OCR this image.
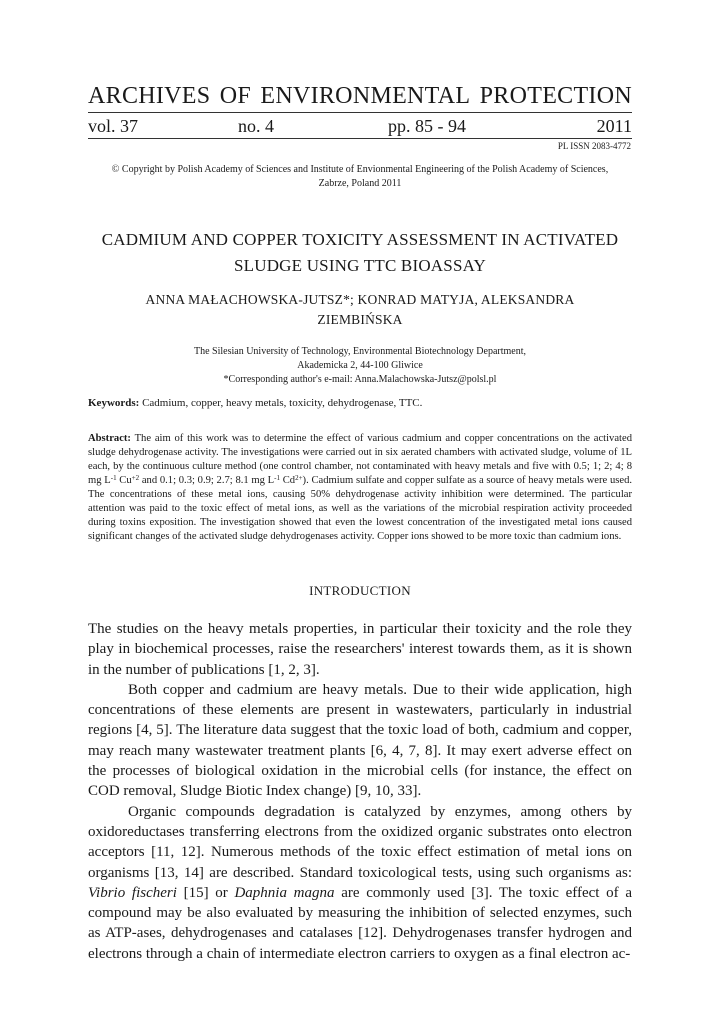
ARCHIVES OF ENVIRONMENTAL PROTECTION
vol. 37	no. 4	pp. 85 - 94	2011
PL ISSN 2083-4772
© Copyright by Polish Academy of Sciences and Institute of Envionmental Engineering of the Polish Academy of Sciences,
Zabrze, Poland 2011
CADMIUM AND COPPER TOXICITY ASSESSMENT IN ACTIVATED
SLUDGE USING TTC BIOASSAY
ANNA MAŁACHOWSKA-JUTSZ*; KONRAD MATYJA, ALEKSANDRA
ZIEMBIŃSKA
The Silesian University of Technology, Environmental Biotechnology Department,
Akademicka 2, 44-100 Gliwice
*Corresponding author's e-mail: Anna.Malachowska-Jutsz@polsl.pl
Keywords: Cadmium, copper, heavy metals, toxicity, dehydrogenase, TTC.
Abstract: The aim of this work was to determine the effect of various cadmium and copper concentrations on the activated sludge dehydrogenase activity. The investigations were carried out in six aerated chambers with activated sludge, volume of 1L each, by the continuous culture method (one control chamber, not contaminated with heavy metals and five with 0.5; 1; 2; 4; 8 mg $L^{-1}$ $Cu^{+2}$ and 0.1; 0.3; 0.9; 2.7; 8.1 mg $L^{-1}$ $Cd^{2+}$). Cadmium sulfate and copper sulfate as a source of heavy metals were used. The concentrations of these metal ions, causing 50% dehydrogenase activity inhibition were determined. The particular attention was paid to the toxic effect of metal ions, as well as the variations of the microbial respiration activity proceeded during toxins exposition. The investigation showed that even the lowest concentration of the investigated metal ions caused significant changes of the activated sludge dehydrogenases activity. Copper ions showed to be more toxic than cadmium ions.
INTRODUCTION

The studies on the heavy metals properties, in particular their toxicity and the role they play in biochemical processes, raise the researchers' interest towards them, as it is shown in the number of publications [1, 2, 3].

Both copper and cadmium are heavy metals. Due to their wide application, high concentrations of these elements are present in wastewaters, particularly in industrial regions [4, 5]. The literature data suggest that the toxic load of both, cadmium and copper, may reach many wastewater treatment plants [6, 4, 7, 8]. It may exert adverse effect on the processes of biological oxidation in the microbial cells (for instance, the effect on COD removal, Sludge Biotic Index change) [9, 10, 33].

Organic compounds degradation is catalyzed by enzymes, among others by oxidoreductases transferring electrons from the oxidized organic substrates onto electron acceptors [11, 12]. Numerous methods of the toxic effect estimation of metal ions on organisms [13, 14] are described. Standard toxicological tests, using such organisms as: Vibrio fischeri [15] or Daphnia magna are commonly used [3]. The toxic effect of a compound may be also evaluated by measuring the inhibition of selected enzymes, such as ATP-ases, dehydrogenases and catalases [12]. Dehydrogenases transfer hydrogen and electrons through a chain of intermediate electron carriers to oxygen as a final electron ac-
